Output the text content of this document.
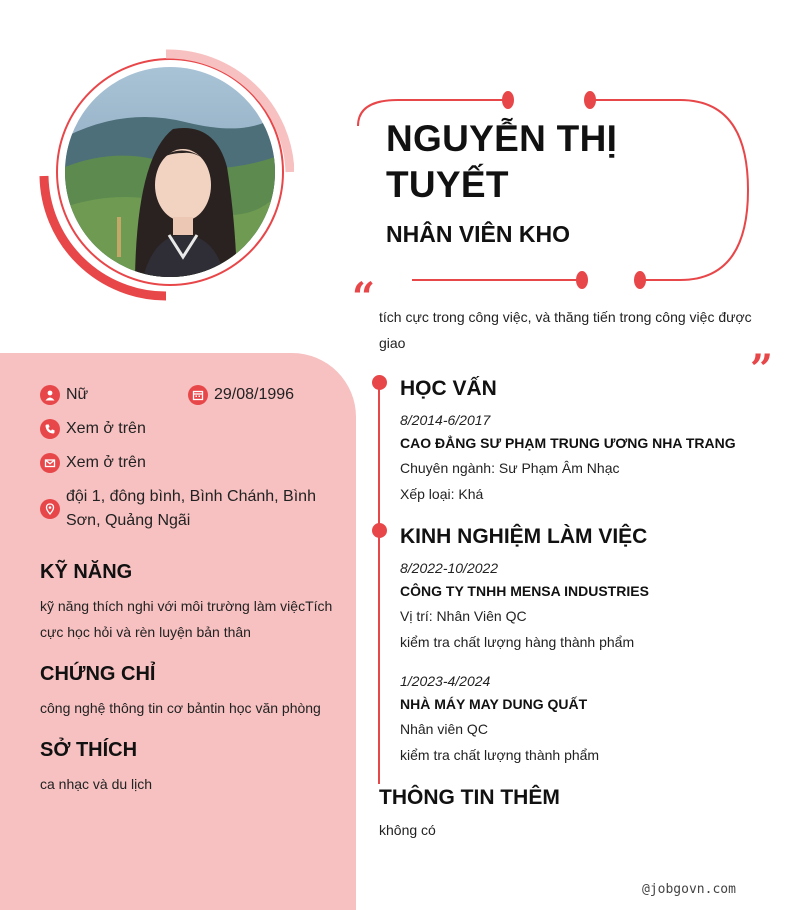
NGUYỄN THỊ TUYẾT
NHÂN VIÊN KHO
“ tích cực trong công việc, và thăng tiến trong công việc được giao
”
Nữ	29/08/1996
Xem ở trên
Xem ở trên
đội 1, đông bình, Bình Chánh, Bình Sơn, Quảng Ngãi
KỸ NĂNG
kỹ năng thích nghi với môi trường làm việcTích cực học hỏi và rèn luyện bản thân
CHỨNG CHỈ
công nghệ thông tin cơ bảntin học văn phòng
SỞ THÍCH
ca nhạc và du lịch
HỌC VẤN
8/2014-6/2017
CAO ĐẲNG SƯ PHẠM TRUNG ƯƠNG NHA TRANG
Chuyên ngành: Sư Phạm Âm Nhạc
Xếp loại: Khá
KINH NGHIỆM LÀM VIỆC
8/2022-10/2022
CÔNG TY TNHH MENSA INDUSTRIES
Vị trí: Nhân Viên QC
kiểm tra chất lượng hàng thành phẩm
1/2023-4/2024
NHÀ MÁY MAY DUNG QUẤT
Nhân viên QC
kiểm tra chất lượng thành phẩm
THÔNG TIN THÊM
không có
@jobgovn.com
